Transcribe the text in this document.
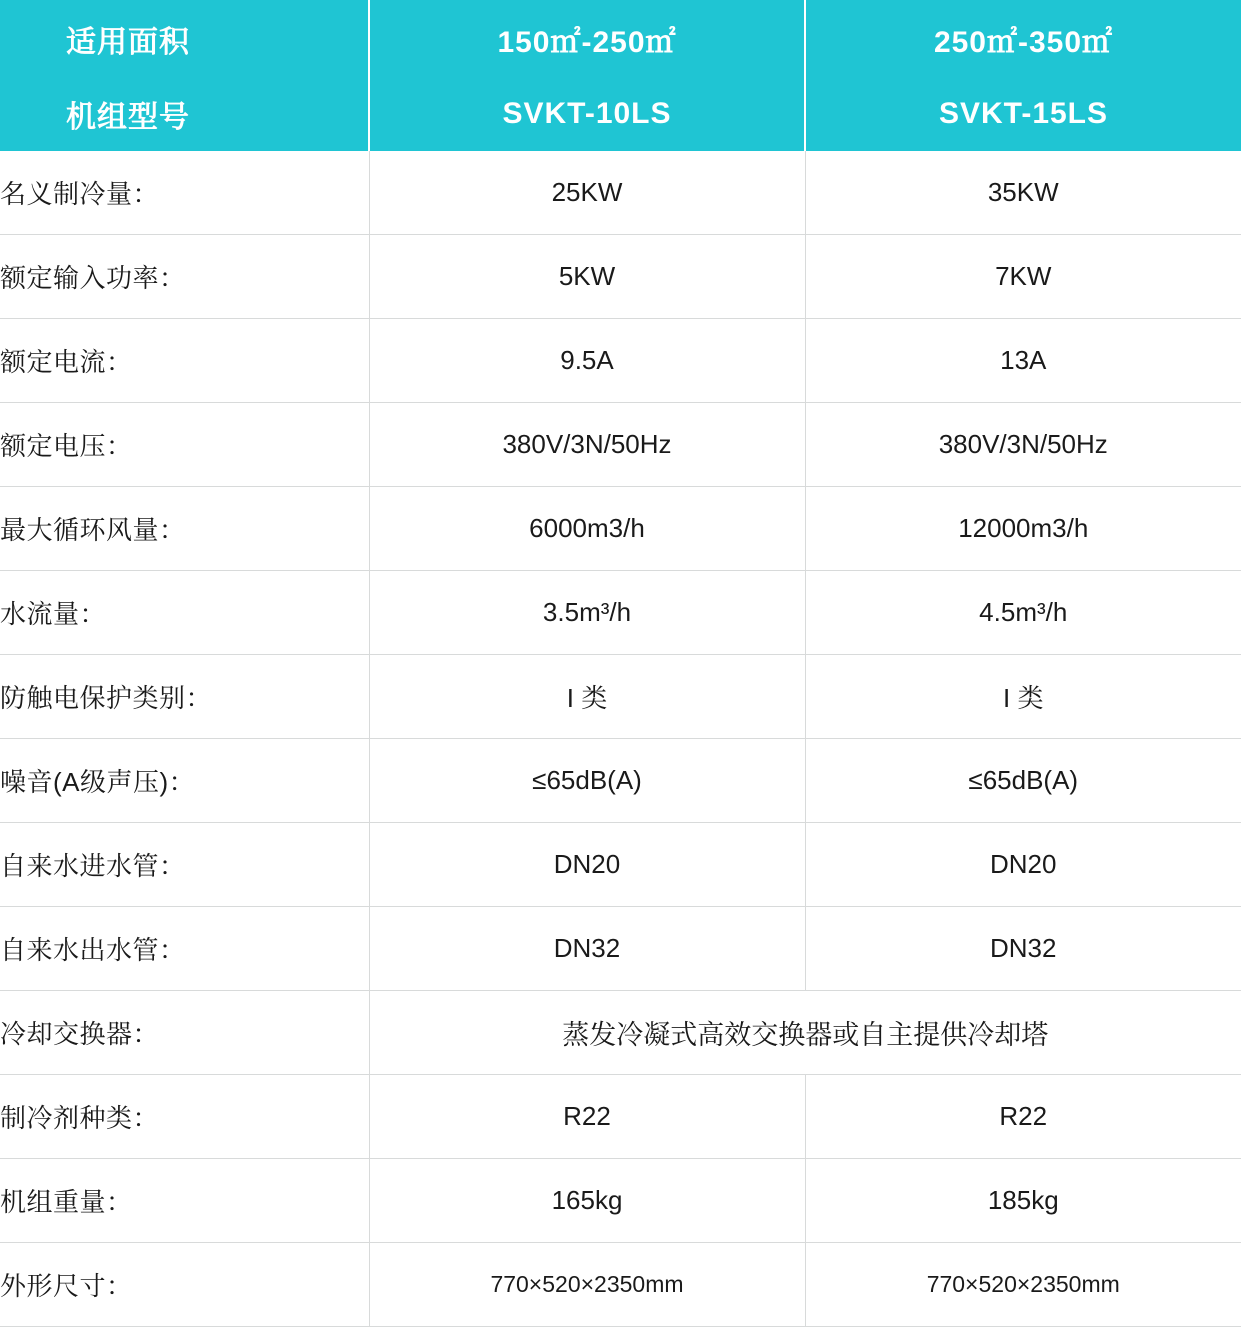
适用面积	150㎡-250㎡	250㎡-350㎡
机组型号	SVKT-10LS	SVKT-15LS
名义制冷量：	25KW	35KW
额定输入功率：	5KW	7KW
额定电流：	9.5A	13A
额定电压：	380V/3N/50Hz	380V/3N/50Hz
最大循环风量：	6000m3/h	12000m3/h
水流量：	3.5m³/h	4.5m³/h
防触电保护类别：	I 类	I 类
噪音(A级声压)：	≤65dB(A)	≤65dB(A)
自来水进水管：	DN20	DN20
自来水出水管：	DN32	DN32
冷却交换器：	蒸发冷凝式高效交换器或自主提供冷却塔	
制冷剂种类：	R22	R22
机组重量：	165kg	185kg
外形尺寸：	770×520×2350mm	770×520×2350mm
